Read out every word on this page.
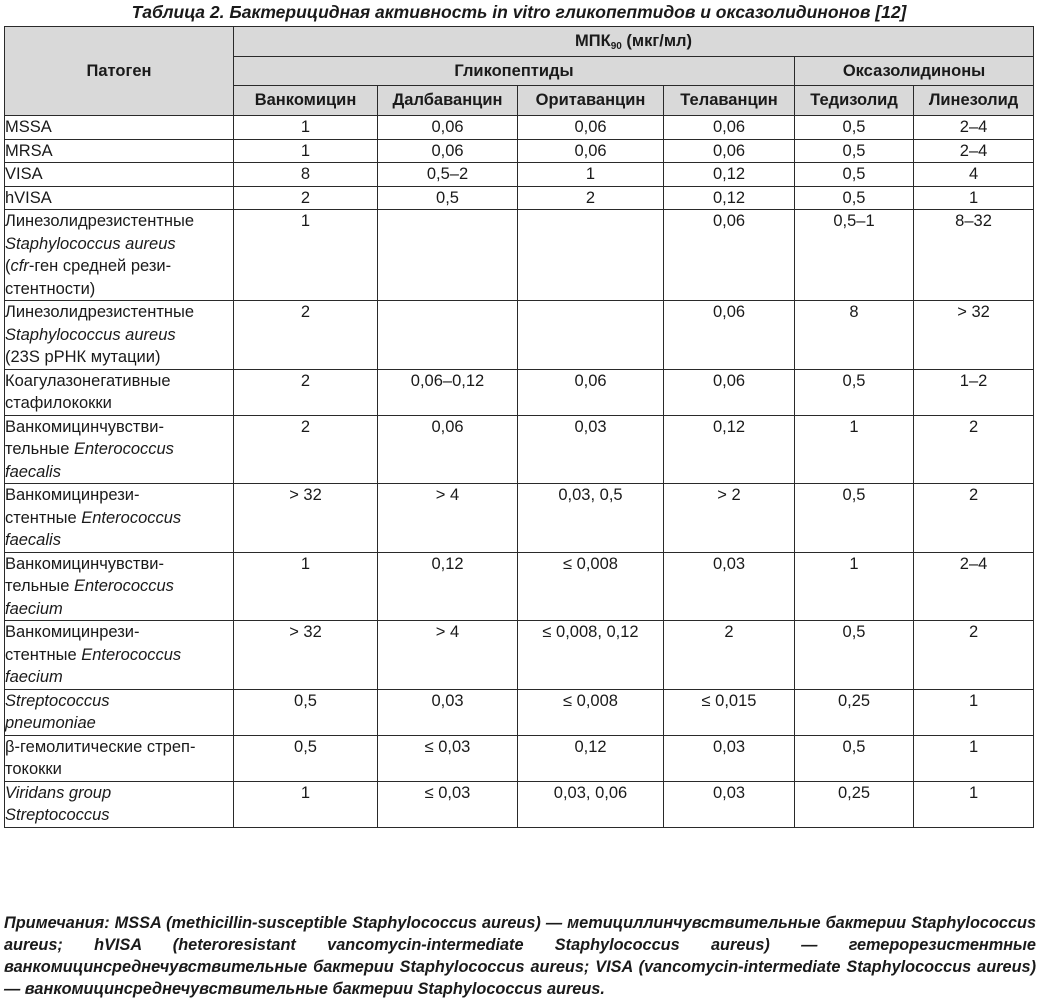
Таблица 2. Бактерицидная активность in vitro гликопептидов и оксазолидинонов [12]
Патоген	МПК90 (мкг/мл)					
	Гликопептиды				Оксазолидиноны	
	Ванкомицин	Далбаванцин	Оритаванцин	Телаванцин	Тедизолид	Линезолид

MSSA	1	0,06	0,06	0,06	0,5	2–4

MRSA	1	0,06	0,06	0,06	0,5	2–4

VISA	8	0,5–2	1	0,12	0,5	4

hVISA	2	0,5	2	0,12	0,5	1

Линезолидрезистентные
Staphylococcus aureus
(cfr-ген средней рези-
стентности)	1			0,06	0,5–1	8–32

Линезолидрезистентные
Staphylococcus aureus
(23S рРНК мутации)	2			0,06	8	> 32

Коагулазонегативные
стафилококки	2	0,06–0,12	0,06	0,06	0,5	1–2

Ванкомицинчувстви-
тельные Enterococcus
faecalis	2	0,06	0,03	0,12	1	2

Ванкомицинрези-
стентные Enterococcus
faecalis	> 32	> 4	0,03, 0,5	> 2	0,5	2

Ванкомицинчувстви-
тельные Enterococcus
faecium	1	0,12	≤ 0,008	0,03	1	2–4

Ванкомицинрези-
стентные Enterococcus
faecium	> 32	> 4	≤ 0,008, 0,12	2	0,5	2

Streptococcus
pneumoniae	0,5	0,03	≤ 0,008	≤ 0,015	0,25	1

β-гемолитические стреп-
тококки	0,5	≤ 0,03	0,12	0,03	0,5	1

Viridans group
Streptococcus	1	≤ 0,03	0,03, 0,06	0,03	0,25	1
Примечания: MSSA (methicillin-susceptible Staphylococcus aureus) — метициллинчувствительные бактерии Staphylococcus aureus; hVISA (heteroresistant vancomycin-intermediate Staphylococcus aureus) — гетерорезистентные ванкомицинсреднечувствительные бактерии Staphylococcus aureus; VISA (vancomycin-intermediate Staphylococcus aureus) — ванкомицинсреднечувствительные бактерии Staphylococcus aureus.
